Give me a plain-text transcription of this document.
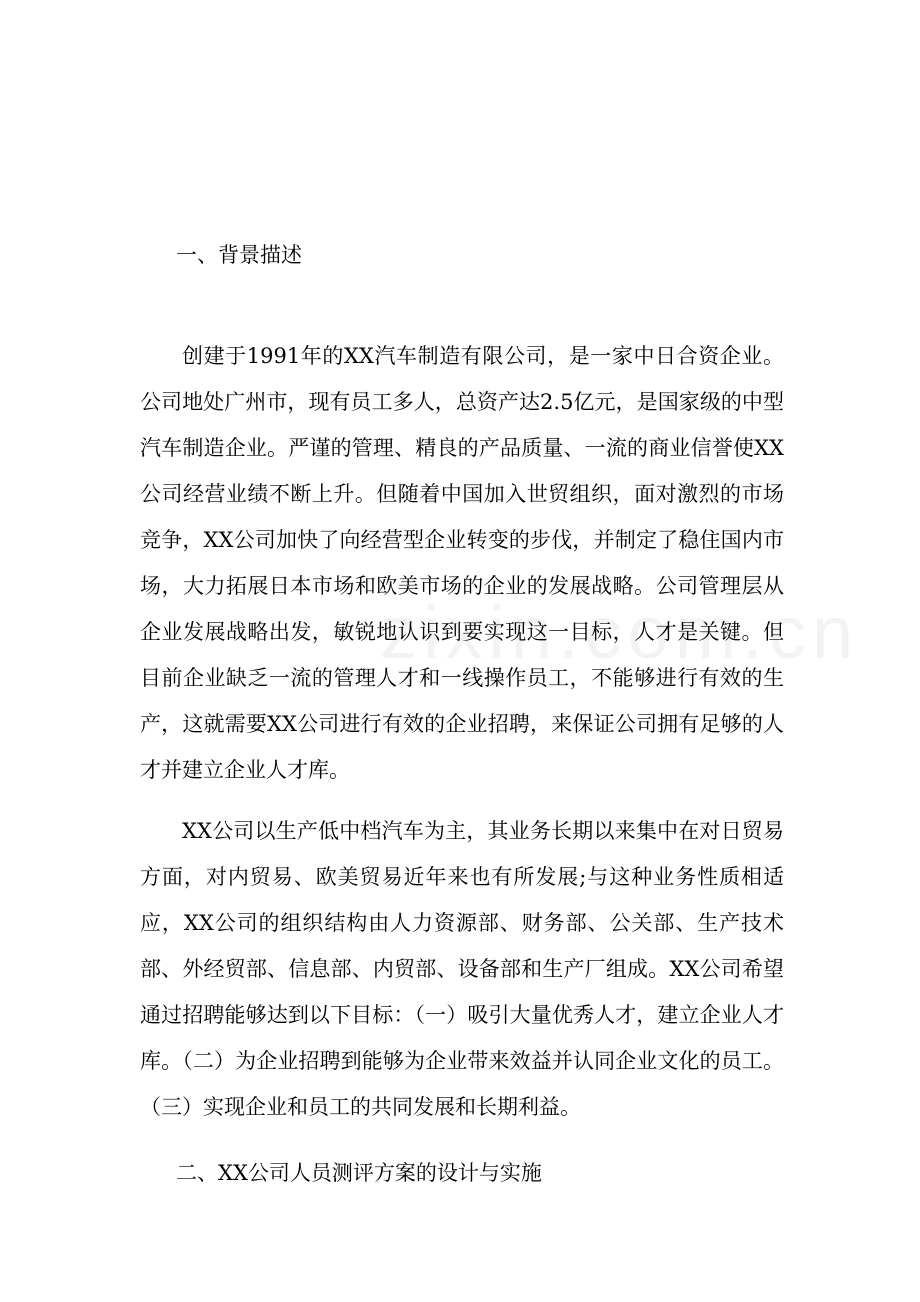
一、背景描述

创建于1991年的XX汽车制造有限公司，是一家中日合资企业。公司地处广州市，现有员工多人，总资产达2.5亿元，是国家级的中型汽车制造企业。严谨的管理、精良的产品质量、一流的商业信誉使XX公司经营业绩不断上升。但随着中国加入世贸组织，面对激烈的市场竞争，XX公司加快了向经营型企业转变的步伐，并制定了稳住国内市场，大力拓展日本市场和欧美市场的企业的发展战略。公司管理层从企业发展战略出发，敏锐地认识到要实现这一目标，人才是关键。但目前企业缺乏一流的管理人才和一线操作员工，不能够进行有效的生产，这就需要XX公司进行有效的企业招聘，来保证公司拥有足够的人才并建立企业人才库。

XX公司以生产低中档汽车为主，其业务长期以来集中在对日贸易方面，对内贸易、欧美贸易近年来也有所发展;与这种业务性质相适应，XX公司的组织结构由人力资源部、财务部、公关部、生产技术部、外经贸部、信息部、内贸部、设备部和生产厂组成。XX公司希望通过招聘能够达到以下目标：（一）吸引大量优秀人才，建立企业人才库。（二）为企业招聘到能够为企业带来效益并认同企业文化的员工。（三）实现企业和员工的共同发展和长期利益。

二、XX公司人员测评方案的设计与实施
